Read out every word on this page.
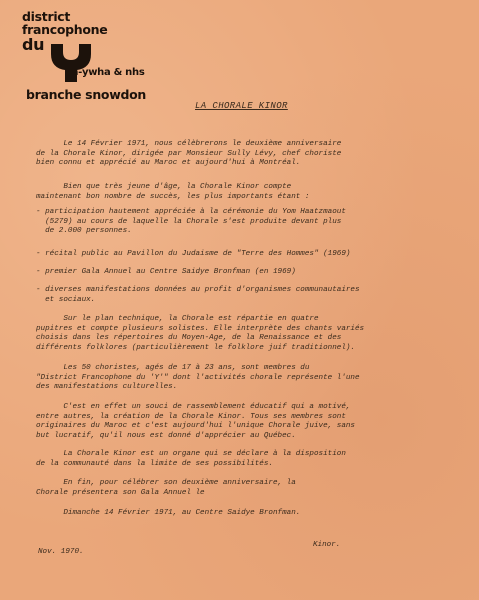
district
francophone
du
m-ywha & nhs
branche snowdon
LA CHORALE KINOR
Le 14 Février 1971, nous célèbrerons le deuxième anniversaire
de la Chorale Kinor, dirigée par Monsieur Sully Lévy, chef choriste
bien connu et apprécié au Maroc et aujourd'hui à Montréal.
Bien que très jeune d'âge, la Chorale Kinor compte
maintenant bon nombre de succès, les plus importants étant :
- participation hautement appréciée à la cérémonie du Yom Haatzmaout
(5279) au cours de laquelle la Chorale s'est produite devant plus
de 2.000 personnes.
- récital public au Pavillon du Judaisme de "Terre des Hommes" (1969)
- premier Gala Annuel au Centre Saidye Bronfman (en 1969)
- diverses manifestations données au profit d'organismes communautaires
et sociaux.
Sur le plan technique, la Chorale est répartie en quatre
pupitres et compte plusieurs solistes. Elle interprète des chants variés
choisis dans les répertoires du Moyen-Age, de la Renaissance et des
différents folklores (particulièrement le folklore juif traditionnel).
Les 50 choristes, agés de 17 à 23 ans, sont membres du
"District Francophone du 'Y'" dont l'activités chorale représente l'une
des manifestations culturelles.
C'est en effet un souci de rassemblement éducatif qui a motivé,
entre autres, la création de la Chorale Kinor. Tous ses membres sont
originaires du Maroc et c'est aujourd'hui l'unique Chorale juive, sans
but lucratif, qu'il nous est donné d'apprécier au Québec.
La Chorale Kinor est un organe qui se déclare à la disposition
de la communauté dans la limite de ses possibilités.
En fin, pour célébrer son deuxième anniversaire, la
Chorale présentera son Gala Annuel le
Dimanche 14 Février 1971, au Centre Saidye Bronfman.
Kinor.
Nov. 1970.
